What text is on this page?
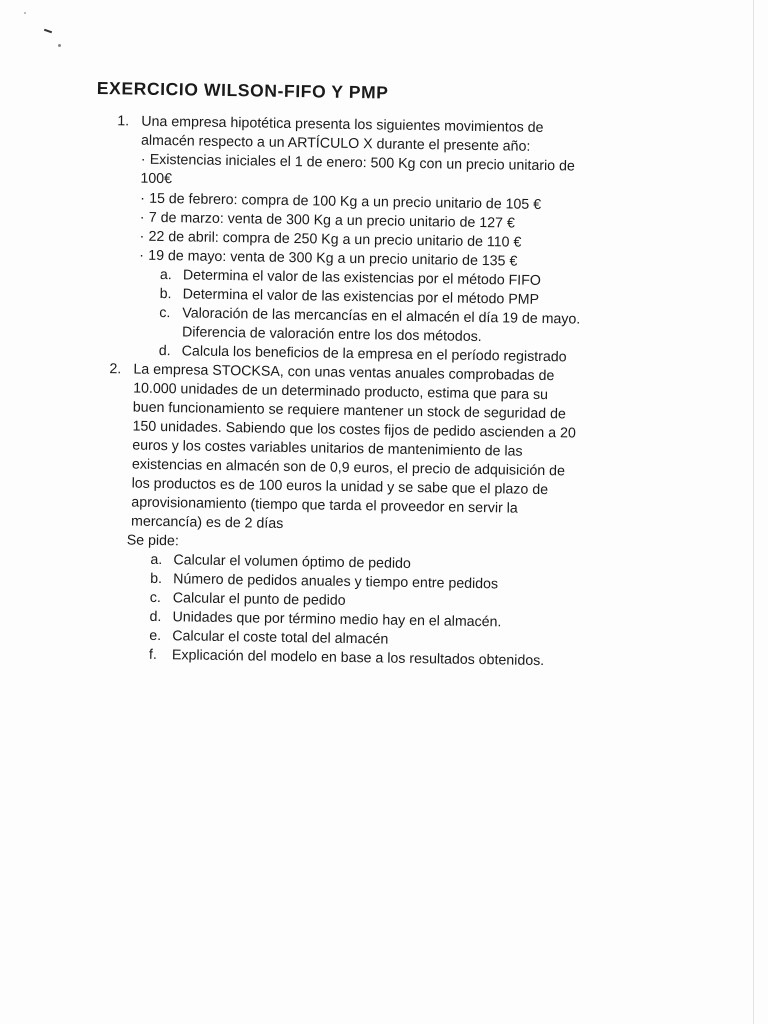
EXERCICIO WILSON-FIFO Y PMP
1. Una empresa hipotética presenta los siguientes movimientos de
almacén respecto a un ARTÍCULO X durante el presente año:
· Existencias iniciales el 1 de enero: 500 Kg con un precio unitario de
100€
· 15 de febrero: compra de 100 Kg a un precio unitario de 105 €
· 7 de marzo: venta de 300 Kg a un precio unitario de 127 €
· 22 de abril: compra de 250 Kg a un precio unitario de 110 €
· 19 de mayo: venta de 300 Kg a un precio unitario de 135 €
a. Determina el valor de las existencias por el método FIFO
b. Determina el valor de las existencias por el método PMP
c. Valoración de las mercancías en el almacén el día 19 de mayo.
Diferencia de valoración entre los dos métodos.
d. Calcula los beneficios de la empresa en el período registrado
2. La empresa STOCKSA, con unas ventas anuales comprobadas de
10.000 unidades de un determinado producto, estima que para su
buen funcionamiento se requiere mantener un stock de seguridad de
150 unidades. Sabiendo que los costes fijos de pedido ascienden a 20
euros y los costes variables unitarios de mantenimiento de las
existencias en almacén son de 0,9 euros, el precio de adquisición de
los productos es de 100 euros la unidad y se sabe que el plazo de
aprovisionamiento (tiempo que tarda el proveedor en servir la
mercancía) es de 2 días
Se pide:
a. Calcular el volumen óptimo de pedido
b. Número de pedidos anuales y tiempo entre pedidos
c. Calcular el punto de pedido
d. Unidades que por término medio hay en el almacén.
e. Calcular el coste total del almacén
f. Explicación del modelo en base a los resultados obtenidos.
